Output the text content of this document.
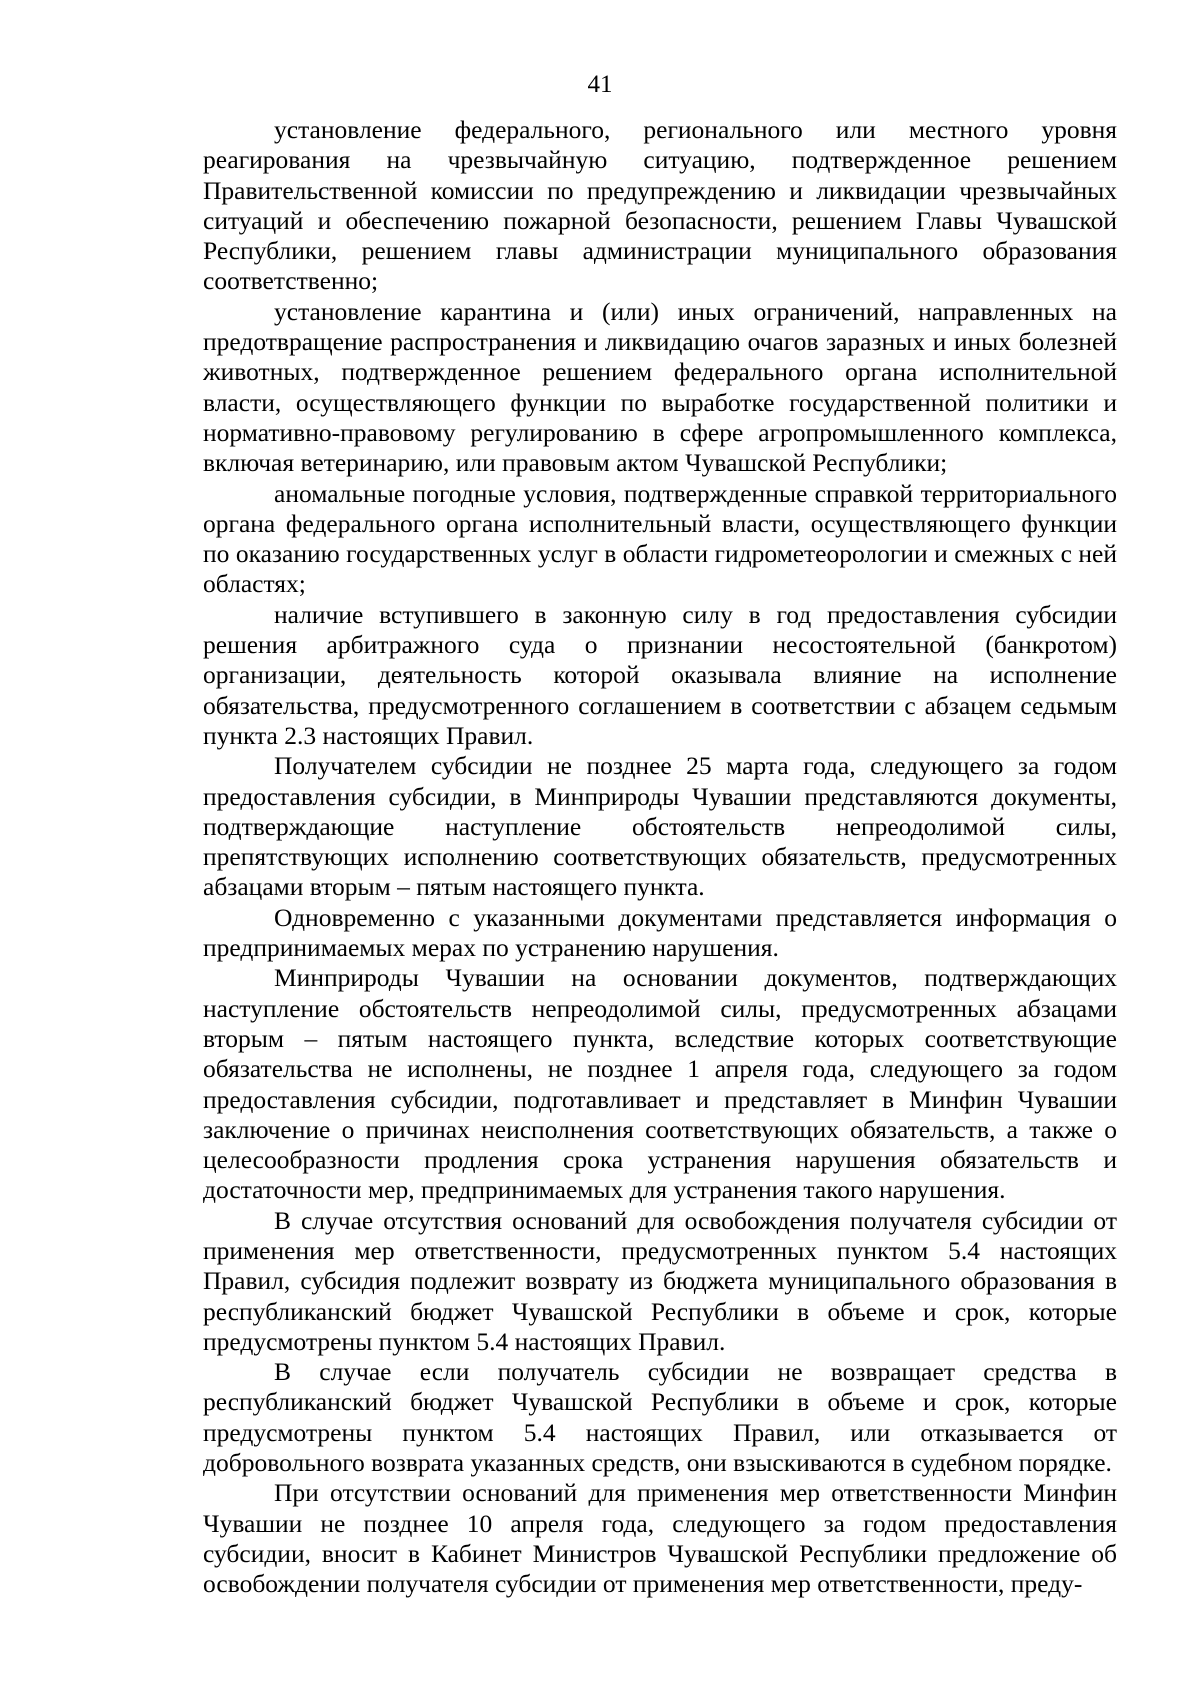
41

установление федерального, регионального или местного уровня реагирования на чрезвычайную ситуацию, подтвержденное решением Правительственной комиссии по предупреждению и ликвидации чрезвычайных ситуаций и обеспечению пожарной безопасности, решением Главы Чувашской Республики, решением главы администрации муниципального образования соответственно;

установление карантина и (или) иных ограничений, направленных на предотвращение распространения и ликвидацию очагов заразных и иных болезней животных, подтвержденное решением федерального органа исполнительной власти, осуществляющего функции по выработке государственной политики и нормативно-правовому регулированию в сфере агропромышленного комплекса, включая ветеринарию, или правовым актом Чувашской Республики;

аномальные погодные условия, подтвержденные справкой территориального органа федерального органа исполнительный власти, осуществляющего функции по оказанию государственных услуг в области гидрометеорологии и смежных с ней областях;

наличие вступившего в законную силу в год предоставления субсидии решения арбитражного суда о признании несостоятельной (банкротом) организации, деятельность которой оказывала влияние на исполнение обязательства, предусмотренного соглашением в соответствии с абзацем седьмым пункта 2.3 настоящих Правил.

Получателем субсидии не позднее 25 марта года, следующего за годом предоставления субсидии, в Минприроды Чувашии представляются документы, подтверждающие наступление обстоятельств непреодолимой силы, препятствующих исполнению соответствующих обязательств, предусмотренных абзацами вторым – пятым настоящего пункта.

Одновременно с указанными документами представляется информация о предпринимаемых мерах по устранению нарушения.

Минприроды Чувашии на основании документов, подтверждающих наступление обстоятельств непреодолимой силы, предусмотренных абзацами вторым – пятым настоящего пункта, вследствие которых соответствующие обязательства не исполнены, не позднее 1 апреля года, следующего за годом предоставления субсидии, подготавливает и представляет в Минфин Чувашии заключение о причинах неисполнения соответствующих обязательств, а также о целесообразности продления срока устранения нарушения обязательств и достаточности мер, предпринимаемых для устранения такого нарушения.

В случае отсутствия оснований для освобождения получателя субсидии от применения мер ответственности, предусмотренных пунктом 5.4 настоящих Правил, субсидия подлежит возврату из бюджета муниципального образования в республиканский бюджет Чувашской Республики в объеме и срок, которые предусмотрены пунктом 5.4 настоящих Правил.

В случае если получатель субсидии не возвращает средства в республиканский бюджет Чувашской Республики в объеме и срок, которые предусмотрены пунктом 5.4 настоящих Правил, или отказывается от добровольного возврата указанных средств, они взыскиваются в судебном порядке.

При отсутствии оснований для применения мер ответственности Минфин Чувашии не позднее 10 апреля года, следующего за годом предоставления субсидии, вносит в Кабинет Министров Чувашской Республики предложение об освобождении получателя субсидии от применения мер ответственности, преду-
